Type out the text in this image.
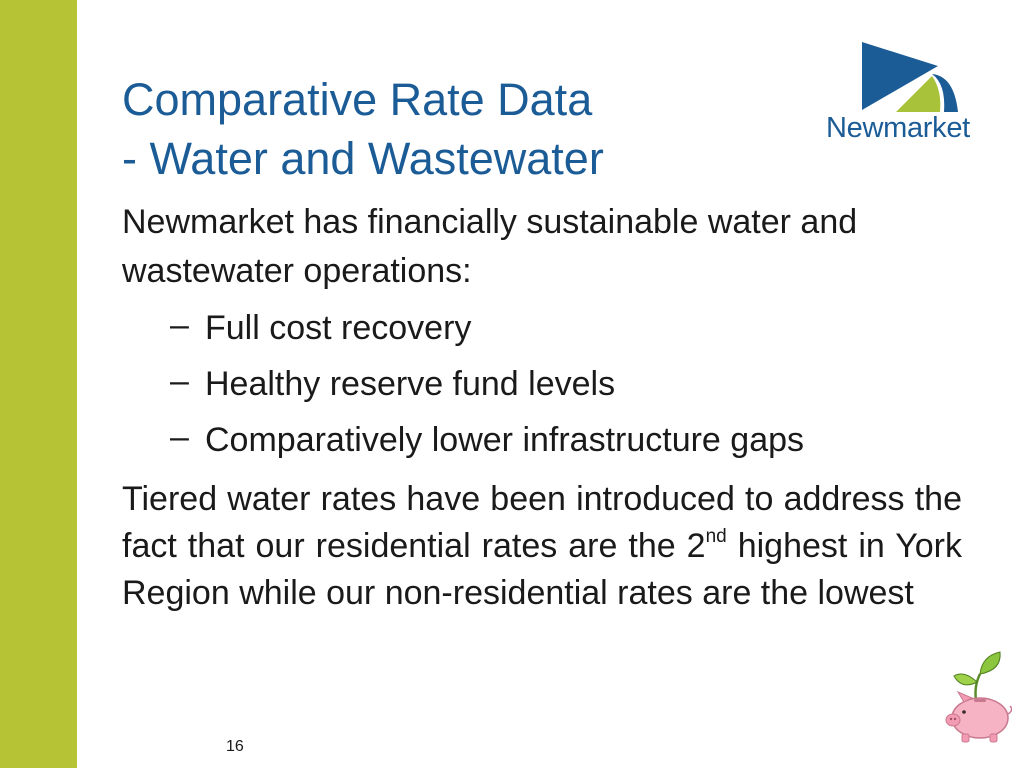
Comparative Rate Data
- Water and Wastewater
Newmarket

Newmarket has financially sustainable water and wastewater operations:

– Full cost recovery
– Healthy reserve fund levels
– Comparatively lower infrastructure gaps

Tiered water rates have been introduced to address the fact that our residential rates are the 2nd highest in York Region while our non-residential rates are the lowest

16
